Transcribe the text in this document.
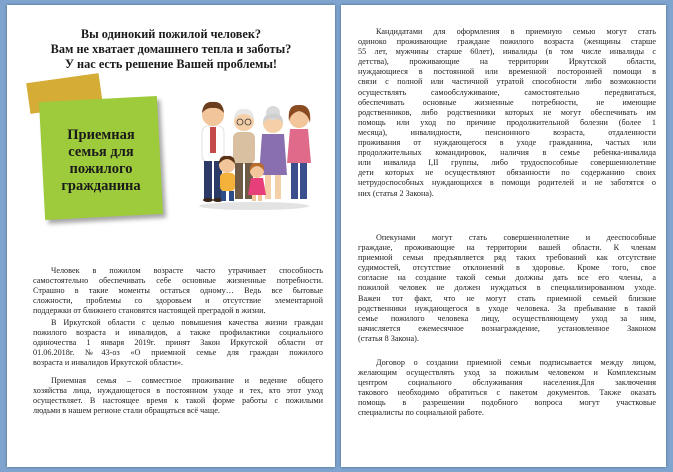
Вы одинокий пожилой человек?
Вам не хватает домашнего тепла и заботы?
У нас есть решение Вашей проблемы!
Приемная
семья для
пожилого
гражданина

Человек в пожилом возрасте часто утрачивает способность
самостоятельно обеспечивать себе основные жизненные потребности.
Страшно в такие моменты остаться одному… Ведь все бытовые
сложности, проблемы со здоровьем и отсутствие элементарной
поддержки от ближнего становятся настоящей преградой в жизни.

В Иркутской области с целью повышения качества жизни граждан
пожилого возраста и инвалидов, а также профилактики социального
одиночества 1 января 2019г. принят Закон Иркутской области от
01.06.2018г. №43-оз «О приемной семье для граждан пожилого
возраста и инвалидов Иркутской области».

Приемная семья – совместное проживание и ведение общего
хозяйства лица, нуждающегося в постоянном уходе и тех, кто этот уход
осуществляет. В настоящее время к такой форме работы с пожилыми
людьми в нашем регионе стали обращаться всё чаще.

Кандидатами для оформления в приемную семью могут стать
одиноко проживающие граждане пожилого возраста (женщины старше
55 лет, мужчины старше 60лет), инвалиды (в том числе инвалиды с
детства), проживающие на территории Иркутской области,
нуждающиеся в постоянной или временной посторонней помощи в
связи с полной или частичной утратой способности либо возможности
осуществлять самообслуживание, самостоятельно передвигаться,
обеспечивать основные жизненные потребности, не имеющие
родственников, либо родственники которых не могут обеспечивать им
помощь или уход по причине продолжительной болезни (более 1
месяца), инвалидности, пенсионного возраста, отдаленности
проживания от нуждающегося в уходе гражданина, частых или
продолжительных командировок, наличия в семье ребенка-инвалида
или инвалида I,II группы, либо трудоспособные совершеннолетние
дети которых не осуществляют обязанности по содержанию своих
нетрудоспособных нуждающихся в помощи родителей и не заботятся о
них (статья 2 Закона).

Опекунами могут стать совершеннолетние и дееспособные
граждане, проживающие на территории вашей области. К членам
приемной семьи предъявляется ряд таких требований как отсутствие
судимостей, отсутствие отклонений в здоровье. Кроме того, свое
согласие на создание такой семьи должны дать все его члены, а
пожилой человек не должен нуждаться в специализированном уходе.
Важен тот факт, что не могут стать приемной семьей близкие
родственники нуждающегося в уходе человека. За пребывание в такой
семье пожилого человека лицу, осуществляющему уход за ним,
начисляется ежемесячное вознаграждение, установленное Законом
(статья 8 Закона).

Договор о создании приемной семьи подписывается между лицом,
желающим осуществлять уход за пожилым человеком и Комплексным
центром социального обслуживания населения.Для заключения
такового необходимо обратиться с пакетом документов. Также оказать
помощь в разрешении подобного вопроса могут участковые
специалисты по социальной работе.
